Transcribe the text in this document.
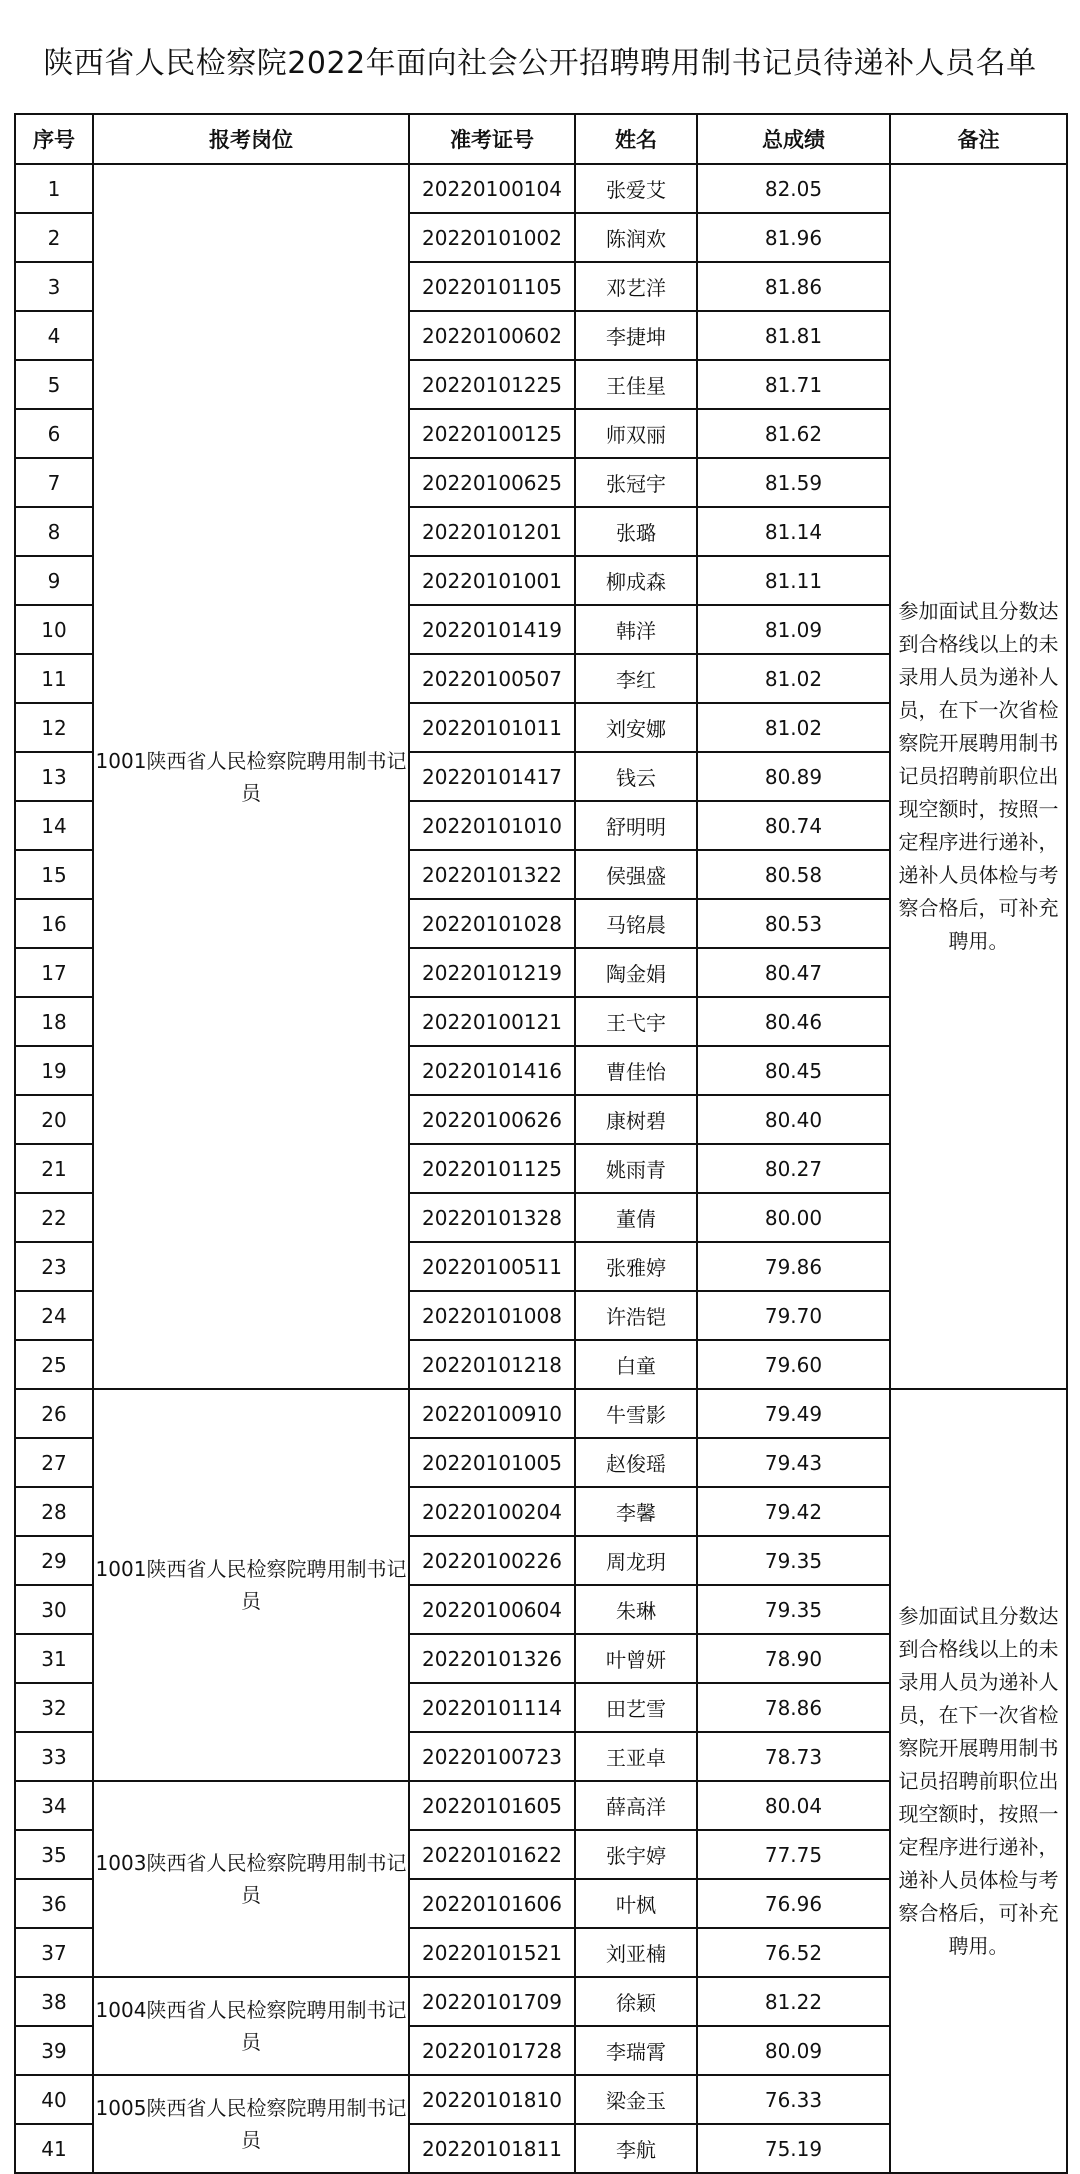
陕西省人民检察院2022年面向社会公开招聘聘用制书记员待递补人员名单
序号	报考岗位	准考证号	姓名	总成绩	备注
1	1001陕西省人民检察院聘用制书记员	20220100104	张爱艾	82.05	参加面试且分数达到合格线以上的未录用人员为递补人员，在下一次省检察院开展聘用制书记员招聘前职位出现空额时，按照一定程序进行递补，递补人员体检与考察合格后，可补充聘用。
2		20220101002	陈润欢	81.96	
3		20220101105	邓艺洋	81.86	
4		20220100602	李捷坤	81.81	
5		20220101225	王佳星	81.71	
6		20220100125	师双丽	81.62	
7		20220100625	张冠宇	81.59	
8		20220101201	张璐	81.14	
9		20220101001	柳成森	81.11	
10		20220101419	韩洋	81.09	
11		20220100507	李红	81.02	
12		20220101011	刘安娜	81.02	
13		20220101417	钱云	80.89	
14		20220101010	舒明明	80.74	
15		20220101322	侯强盛	80.58	
16		20220101028	马铭晨	80.53	
17		20220101219	陶金娟	80.47	
18		20220100121	王弋宇	80.46	
19		20220101416	曹佳怡	80.45	
20		20220100626	康树碧	80.40	
21		20220101125	姚雨青	80.27	
22		20220101328	董倩	80.00	
23		20220100511	张雅婷	79.86	
24		20220101008	许浩铠	79.70	
25		20220101218	白童	79.60	
26	1001陕西省人民检察院聘用制书记员	20220100910	牛雪影	79.49	参加面试且分数达到合格线以上的未录用人员为递补人员，在下一次省检察院开展聘用制书记员招聘前职位出现空额时，按照一定程序进行递补，递补人员体检与考察合格后，可补充聘用。
27		20220101005	赵俊瑶	79.43	
28		20220100204	李馨	79.42	
29		20220100226	周龙玥	79.35	
30		20220100604	朱琳	79.35	
31		20220101326	叶曾妍	78.90	
32		20220101114	田艺雪	78.86	
33		20220100723	王亚卓	78.73	
34	1003陕西省人民检察院聘用制书记员	20220101605	薛高洋	80.04	
35		20220101622	张宇婷	77.75	
36		20220101606	叶枫	76.96	
37		20220101521	刘亚楠	76.52	
38	1004陕西省人民检察院聘用制书记员	20220101709	徐颖	81.22	
39		20220101728	李瑞霄	80.09	
40	1005陕西省人民检察院聘用制书记员	20220101810	梁金玉	76.33	
41		20220101811	李航	75.19	
